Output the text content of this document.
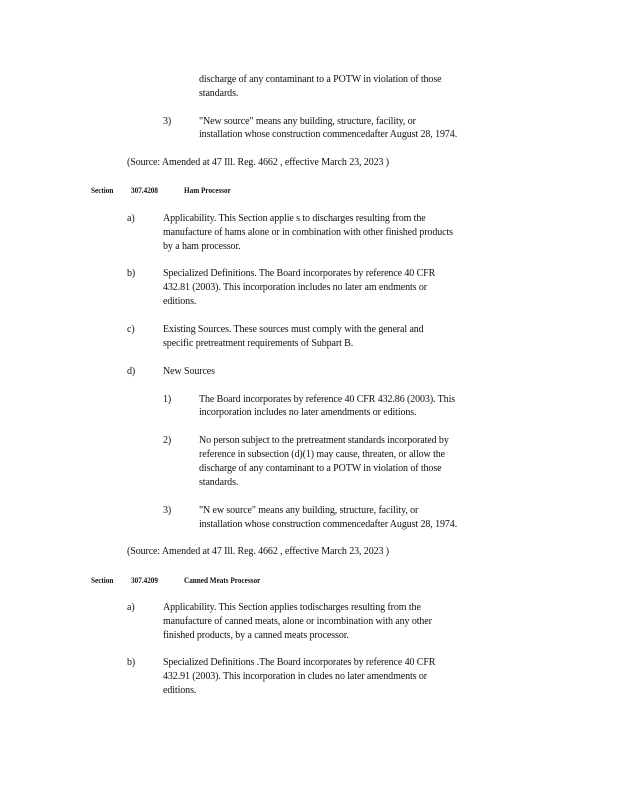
discharge of any contaminant to a POTW in violation of those
standards.
3)	"New source" means any building, structure, facility, or
installation whose construction commencedafter August 28, 1974.
(Source: Amended at 47 Ill. Reg. 4662 , effective March 23, 2023 )
Section 307.4208	Ham Processor
a)	Applicability. This Section applie s to discharges resulting from the
manufacture of hams alone or in combination with other finished products
by a ham processor.
b)	Specialized Definitions. The Board incorporates by reference 40 CFR
432.81 (2003). This incorporation includes no later am endments or
editions.
c)	Existing Sources. These sources must comply with the general and
specific pretreatment requirements of Subpart B.
d)	New Sources
1)	The Board incorporates by reference 40 CFR 432.86 (2003). This
incorporation includes no later amendments or editions.
2)	No person subject to the pretreatment standards incorporated by
reference in subsection (d)(1) may cause, threaten, or allow the
discharge of any contaminant to a POTW in violation of those
standards.
3)	"N ew source" means any building, structure, facility, or
installation whose construction commencedafter August 28, 1974.
(Source: Amended at 47 Ill. Reg. 4662 , effective March 23, 2023 )
Section 307.4209	Canned Meats Processor
a)	Applicability. This Section applies todischarges resulting from the
manufacture of canned meats, alone or incombination with any other
finished products, by a canned meats processor.
b)	Specialized Definitions .The Board incorporates by reference 40 CFR
432.91 (2003). This incorporation in cludes no later amendments or
editions.
